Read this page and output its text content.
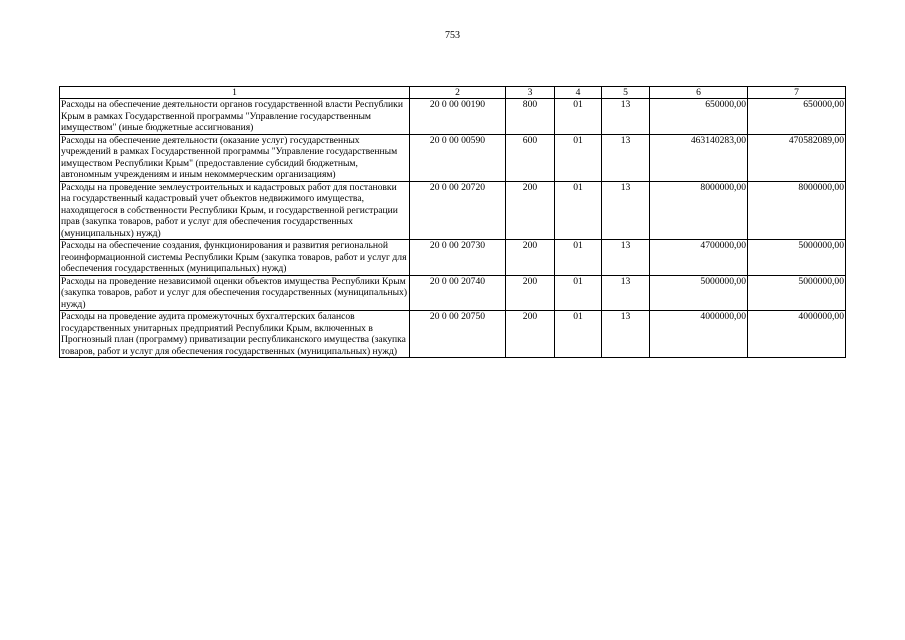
753
1	2	3	4	5	6	7
Расходы на обеспечение деятельности органов государственной власти Республики Крым в рамках Государственной программы "Управление государственным имуществом" (иные бюджетные ассигнования)	20 0 00 00190	800	01	13	650000,00	650000,00
Расходы на обеспечение деятельности (оказание услуг) государственных учреждений в рамках Государственной программы "Управление государственным имуществом Республики Крым" (предоставление субсидий бюджетным, автономным учреждениям и иным некоммерческим организациям)	20 0 00 00590	600	01	13	463140283,00	470582089,00
Расходы на проведение землеустроительных и кадастровых работ для постановки на государственный кадастровый учет объектов недвижимого имущества, находящегося в собственности Республики Крым, и государственной регистрации прав (закупка товаров, работ и услуг для обеспечения государственных (муниципальных) нужд)	20 0 00 20720	200	01	13	8000000,00	8000000,00
Расходы на обеспечение создания, функционирования и развития региональной геоинформационной системы Республики Крым (закупка товаров, работ и услуг для обеспечения государственных (муниципальных) нужд)	20 0 00 20730	200	01	13	4700000,00	5000000,00
Расходы на проведение независимой оценки объектов имущества Республики Крым (закупка товаров, работ и услуг для обеспечения государственных (муниципальных) нужд)	20 0 00 20740	200	01	13	5000000,00	5000000,00
Расходы на проведение аудита промежуточных бухгалтерских балансов государственных унитарных предприятий Республики Крым, включенных в Прогнозный план (программу) приватизации республиканского имущества (закупка товаров, работ и услуг для обеспечения государственных (муниципальных) нужд)	20 0 00 20750	200	01	13	4000000,00	4000000,00
